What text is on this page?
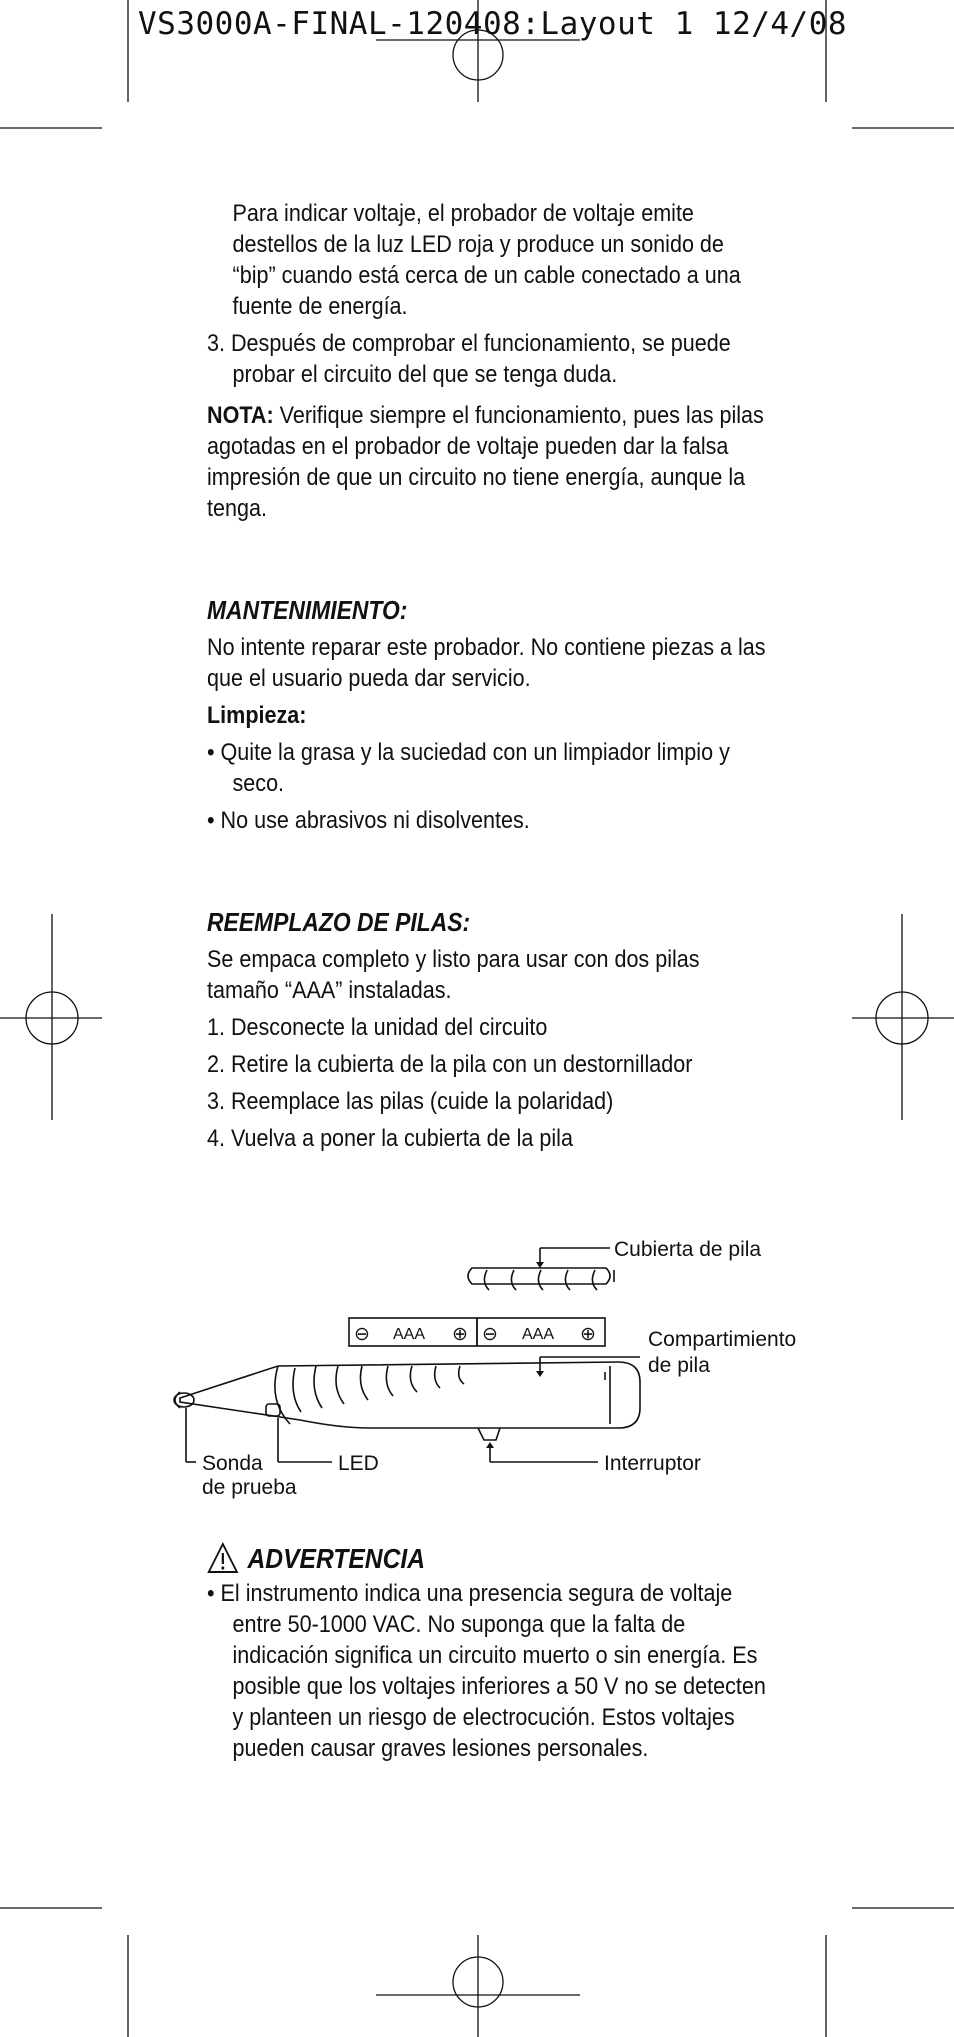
VS3000A-FINAL-120408:Layout 1 12/4/08

Para indicar voltaje, el probador de voltaje emite destellos de la luz LED roja y produce un sonido de “bip” cuando está cerca de un cable conectado a una fuente de energía.

3. Después de comprobar el funcionamiento, se puede probar el circuito del que se tenga duda.

NOTA: Verifique siempre el funcionamiento, pues las pilas agotadas en el probador de voltaje pueden dar la falsa impresión de que un circuito no tiene energía, aunque la tenga.

MANTENIMIENTO:

No intente reparar este probador. No contiene piezas a las que el usuario pueda dar servicio.

Limpieza:

• Quite la grasa y la suciedad con un limpiador limpio y seco.

• No use abrasivos ni disolventes.

REEMPLAZO DE PILAS:

Se empaca completo y listo para usar con dos pilas tamaño “AAA” instaladas.

1. Desconecte la unidad del circuito

2. Retire la cubierta de la pila con un destornillador

3. Reemplace las pilas (cuide la polaridad)

4. Vuelva a poner la cubierta de la pila

Cubierta de pila
Compartimiento
de pila
Sonda
de prueba
LED	Interruptor
⊖ AAA ⊕ ⊖ AAA ⊕
ADVERTENCIA

• El instrumento indica una presencia segura de voltaje entre 50-1000 VAC. No suponga que la falta de indicación significa un circuito muerto o sin energía. Es posible que los voltajes inferiores a 50 V no se detecten y planteen un riesgo de electrocución. Estos voltajes pueden causar graves lesiones personales.
